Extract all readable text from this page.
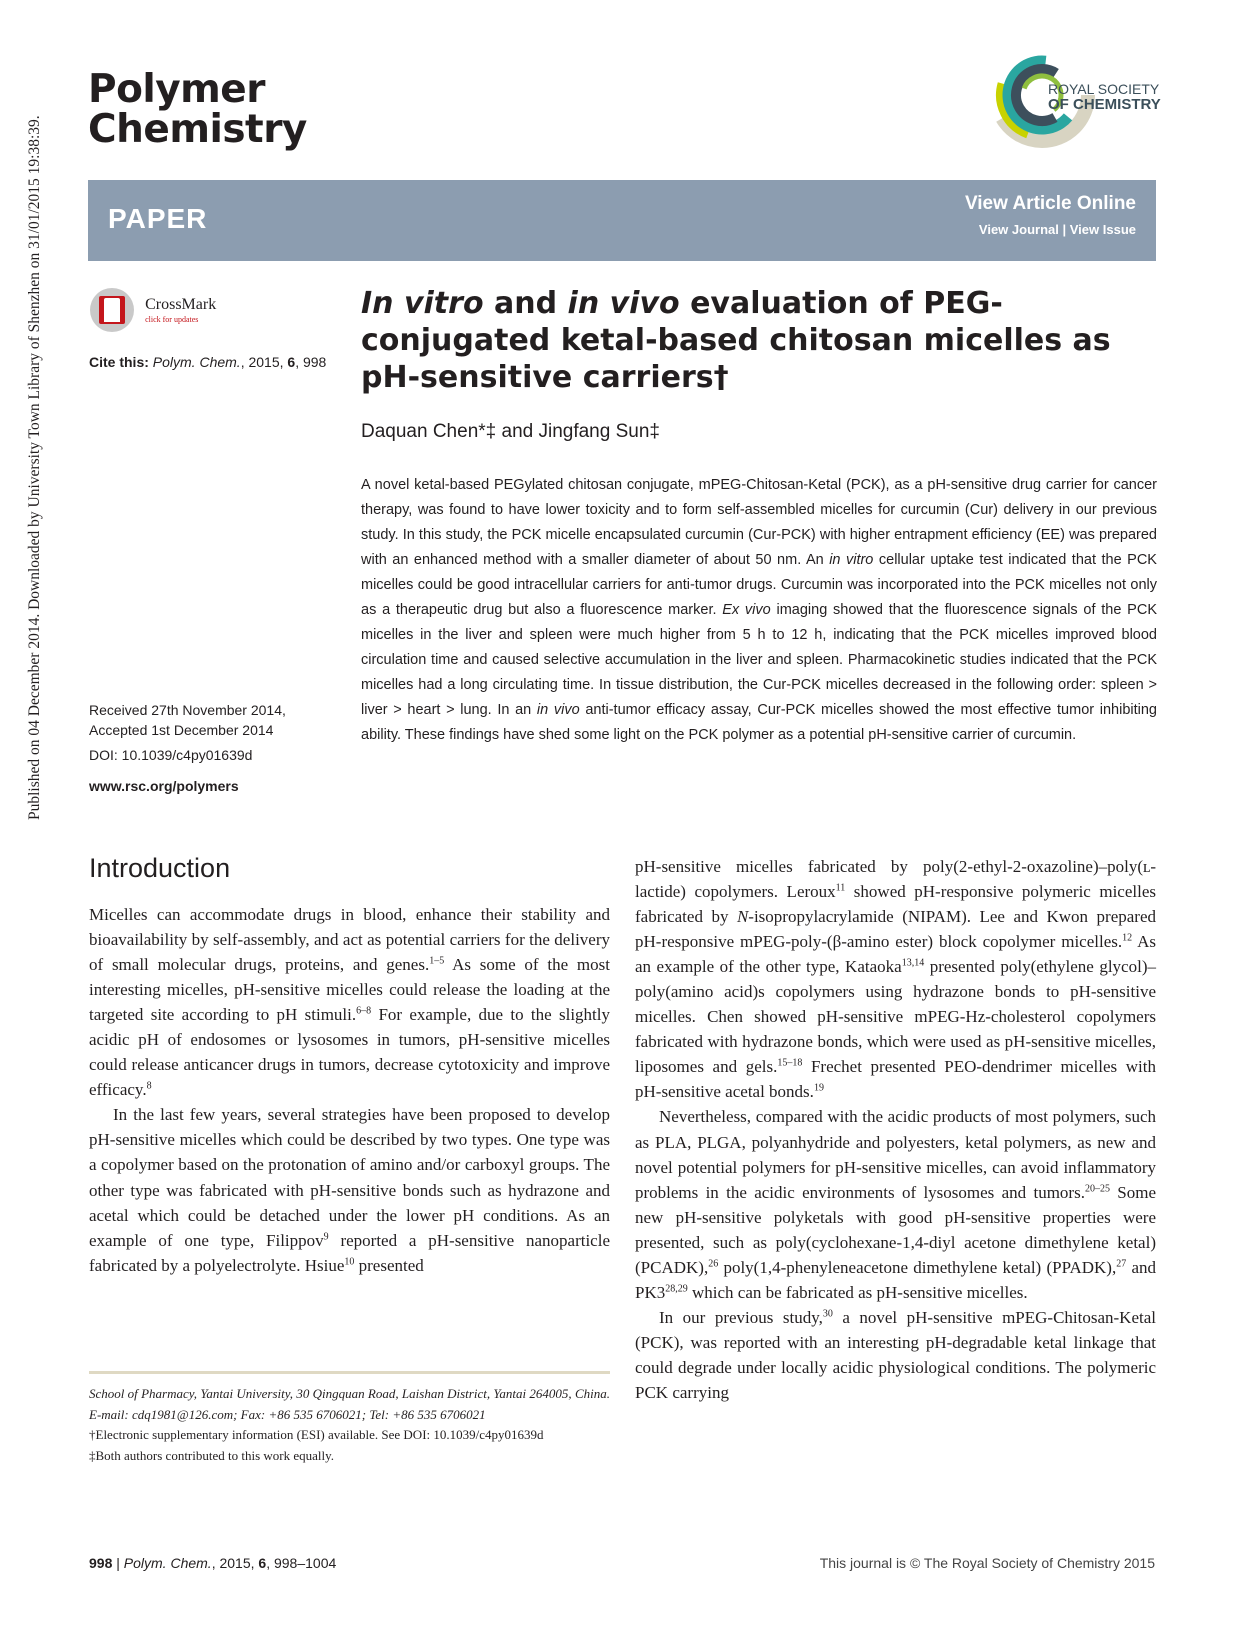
Published on 04 December 2014. Downloaded by University Town Library of Shenzhen on 31/01/2015 19:38:39.
Polymer
Chemistry
ROYAL SOCIETY
OF CHEMISTRY
PAPER	View Article Online
View Journal | View Issue

CrossMark
click for updates
Cite this: Polym. Chem., 2015, 6, 998
Received 27th November 2014,
Accepted 1st December 2014
DOI: 10.1039/c4py01639d
www.rsc.org/polymers
In vitro and in vivo evaluation of PEG-conjugated ketal-based chitosan micelles as pH-sensitive carriers†
Daquan Chen*‡ and Jingfang Sun‡
A novel ketal-based PEGylated chitosan conjugate, mPEG-Chitosan-Ketal (PCK), as a pH-sensitive drug carrier for cancer therapy, was found to have lower toxicity and to form self-assembled micelles for curcumin (Cur) delivery in our previous study. In this study, the PCK micelle encapsulated curcumin (Cur-PCK) with higher entrapment efficiency (EE) was prepared with an enhanced method with a smaller diameter of about 50 nm. An in vitro cellular uptake test indicated that the PCK micelles could be good intracellular carriers for anti-tumor drugs. Curcumin was incorporated into the PCK micelles not only as a therapeutic drug but also a fluorescence marker. Ex vivo imaging showed that the fluorescence signals of the PCK micelles in the liver and spleen were much higher from 5 h to 12 h, indicating that the PCK micelles improved blood circulation time and caused selective accumulation in the liver and spleen. Pharmacokinetic studies indicated that the PCK micelles had a long circulating time. In tissue distribution, the Cur-PCK micelles decreased in the following order: spleen > liver > heart > lung. In an in vivo anti-tumor efficacy assay, Cur-PCK micelles showed the most effective tumor inhibiting ability. These findings have shed some light on the PCK polymer as a potential pH-sensitive carrier of curcumin.
Introduction

Micelles can accommodate drugs in blood, enhance their stability and bioavailability by self-assembly, and act as potential carriers for the delivery of small molecular drugs, proteins, and genes.$^{1-5}$ As some of the most interesting micelles, pH-sensitive micelles could release the loading at the targeted site according to pH stimuli.$^{6-8}$ For example, due to the slightly acidic pH of endosomes or lysosomes in tumors, pH-sensitive micelles could release anticancer drugs in tumors, decrease cytotoxicity and improve efficacy.$^8$

In the last few years, several strategies have been proposed to develop pH-sensitive micelles which could be described by two types. One type was a copolymer based on the protonation of amino and/or carboxyl groups. The other type was fabricated with pH-sensitive bonds such as hydrazone and acetal which could be detached under the lower pH conditions. As an example of one type, Filippov$^9$ reported a pH-sensitive nanoparticle fabricated by a polyelectrolyte. Hsiue$^{10}$ presented

pH-sensitive micelles fabricated by poly(2-ethyl-2-oxazoline)–poly(ʟ-lactide) copolymers. Leroux$^{11}$ showed pH-responsive polymeric micelles fabricated by N-isopropylacrylamide (NIPAM). Lee and Kwon prepared pH-responsive mPEG-poly-(β-amino ester) block copolymer micelles.$^{12}$ As an example of the other type, Kataoka$^{13,14}$ presented poly(ethylene glycol)–poly(amino acid)s copolymers using hydrazone bonds to pH-sensitive micelles. Chen showed pH-sensitive mPEG-Hz-cholesterol copolymers fabricated with hydrazone bonds, which were used as pH-sensitive micelles, liposomes and gels.$^{15-18}$ Frechet presented PEO-dendrimer micelles with pH-sensitive acetal bonds.$^{19}$

Nevertheless, compared with the acidic products of most polymers, such as PLA, PLGA, polyanhydride and polyesters, ketal polymers, as new and novel potential polymers for pH-sensitive micelles, can avoid inflammatory problems in the acidic environments of lysosomes and tumors.$^{20-25}$ Some new pH-sensitive polyketals with good pH-sensitive properties were presented, such as poly(cyclohexane-1,4-diyl acetone dimethylene ketal)(PCADK),$^{26}$ poly(1,4-phenyleneacetone dimethylene ketal) (PPADK),$^{27}$ and PK3$^{28,29}$ which can be fabricated as pH-sensitive micelles.

In our previous study,$^{30}$ a novel pH-sensitive mPEG-Chitosan-Ketal (PCK), was reported with an interesting pH-degradable ketal linkage that could degrade under locally acidic physiological conditions. The polymeric PCK carrying

School of Pharmacy, Yantai University, 30 Qingquan Road, Laishan District, Yantai 264005, China. E-mail: cdq1981@126.com; Fax: +86 535 6706021; Tel: +86 535 6706021

†Electronic supplementary information (ESI) available. See DOI: 10.1039/c4py01639d

‡Both authors contributed to this work equally.

998 | Polym. Chem., 2015, 6, 998–1004	This journal is © The Royal Society of Chemistry 2015
